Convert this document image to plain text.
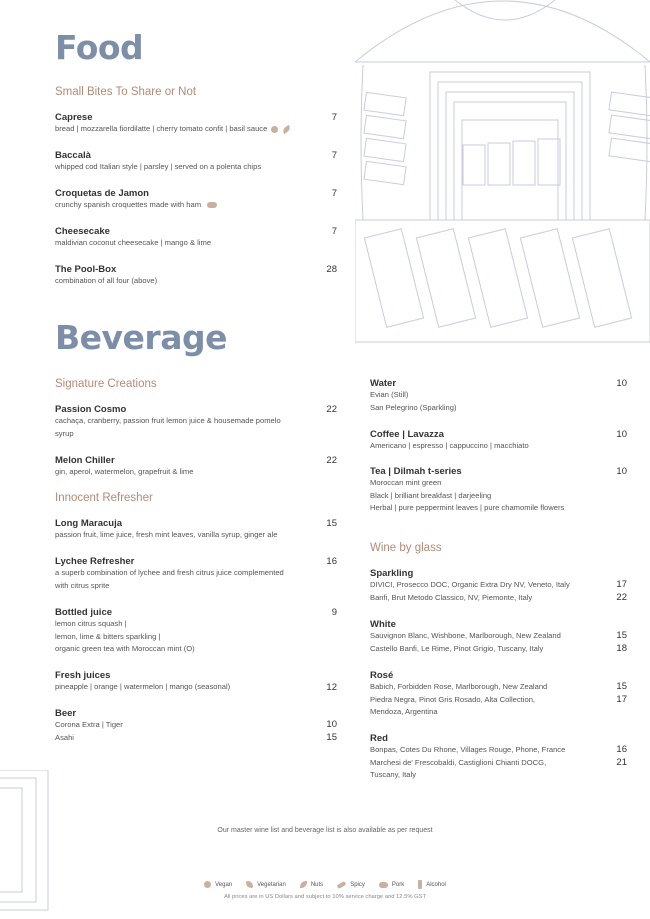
Food
Small Bites To Share or Not
Caprese
bread | mozzarella fiordilatte | cherry tomato confit | basil sauce
7
Baccalà
whipped cod Italian style | parsley | served on a polenta chips
7
Croquetas de Jamon
crunchy spanish croquettes made with ham
7
Cheesecake
maldivian coconut cheesecake | mango & lime
7
The Pool-Box
combination of all four (above)
28
Beverage
Signature Creations
Passion Cosmo
cachaça, cranberry, passion fruit lemon juice & housemade pomelo
syrup
22
Melon Chiller
gin, aperol, watermelon, grapefruit & lime
22
Innocent Refresher
Long Maracuja
passion fruit, lime juice, fresh mint leaves, vanilla syrup, ginger ale
15
Lychee Refresher
a superb combination of lychee and fresh citrus juice complemented
with citrus sprite
16
Bottled juice
lemon citrus squash |
lemon, lime & bitters sparkling |
organic green tea with Moroccan mint (O)
9
Fresh juices
pineapple | orange | watermelon | mango (seasonal)	12
Beer
Corona Extra | Tiger	10
Asahi	15
Water
Evian (Still)
San Pelegrino (Sparkling)
10
Coffee | Lavazza
Americano | espresso | cappuccino | macchiato
10
Tea | Dilmah t-series
Moroccan mint green
Black | brilliant breakfast | darjeeling
Herbal | pure peppermint leaves | pure chamomile flowers
10
Wine by glass
Sparkling
DIVICI, Prosecco DOC, Organic Extra Dry NV, Veneto, Italy	17
Banfi, Brut Metodo Classico, NV, Piemonte, Italy	22
White
Sauvignon Blanc, Wishbone, Marlborough, New Zealand	15
Castello Banfi, Le Rime, Pinot Grigio, Tuscany, Italy	18
Rosé
Babich, Forbidden Rose, Marlborough, New Zealand	15
Piedra Negra, Pinot Gris Rosado, Alta Collection,	17
Mendoza, Argentina
Red
Bonpas, Cotes Du Rhone, Villages Rouge, Phone, France	16
Marchesi de' Frescobaldi, Castiglioni Chianti DOCG,	21
Tuscany, Italy
Our master wine list and beverage list is also available as per request
Vegan	Vegetarian	Nuts	Spicy	Pork	Alcohol
All prices are in US Dollars and subject to 10% service charge and 12.5% GST
